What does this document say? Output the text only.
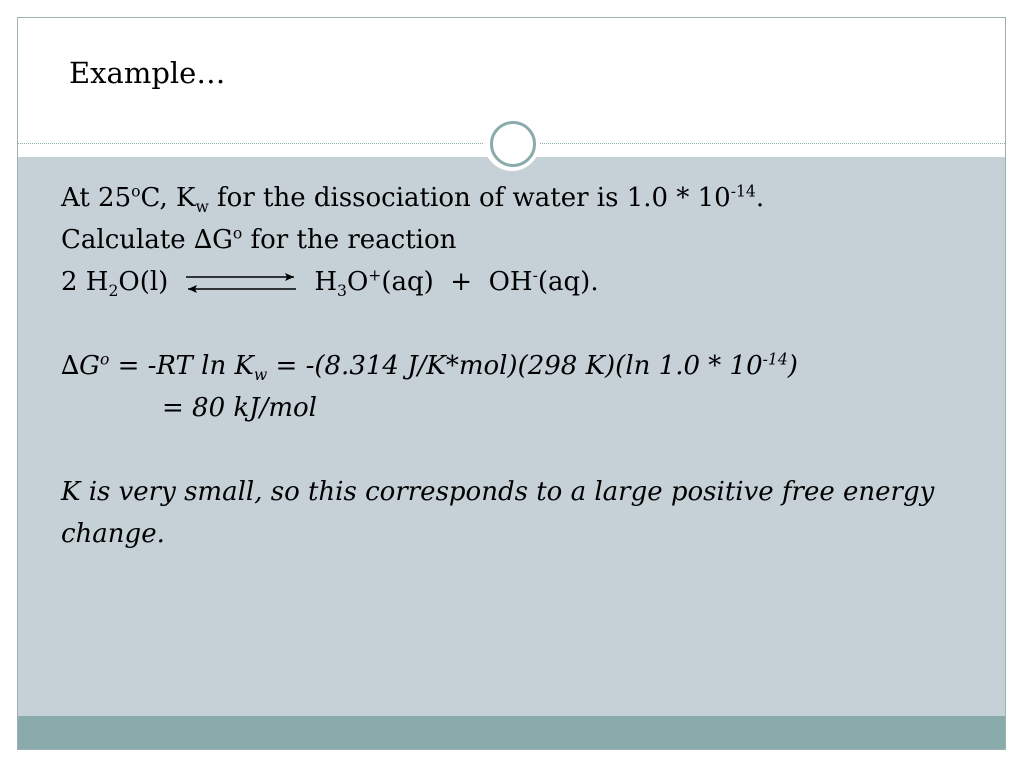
Example…
At 25$^o$C, $K_w$ for the dissociation of water is $1.0 * 10^{-14}$.
Calculate $\Delta G^o$ for the reaction
2 $H_2O(l)$	$H_3O^+(aq) + OH^-(aq)$.
$\Delta G^o = -RT$ $\ln K_w = -(8.314$ J/K*mol)(298 K)(ln $1.0 * 10^{-14}$)
= 80 kJ/mol
K is very small, so this corresponds to a large positive free energy change.
